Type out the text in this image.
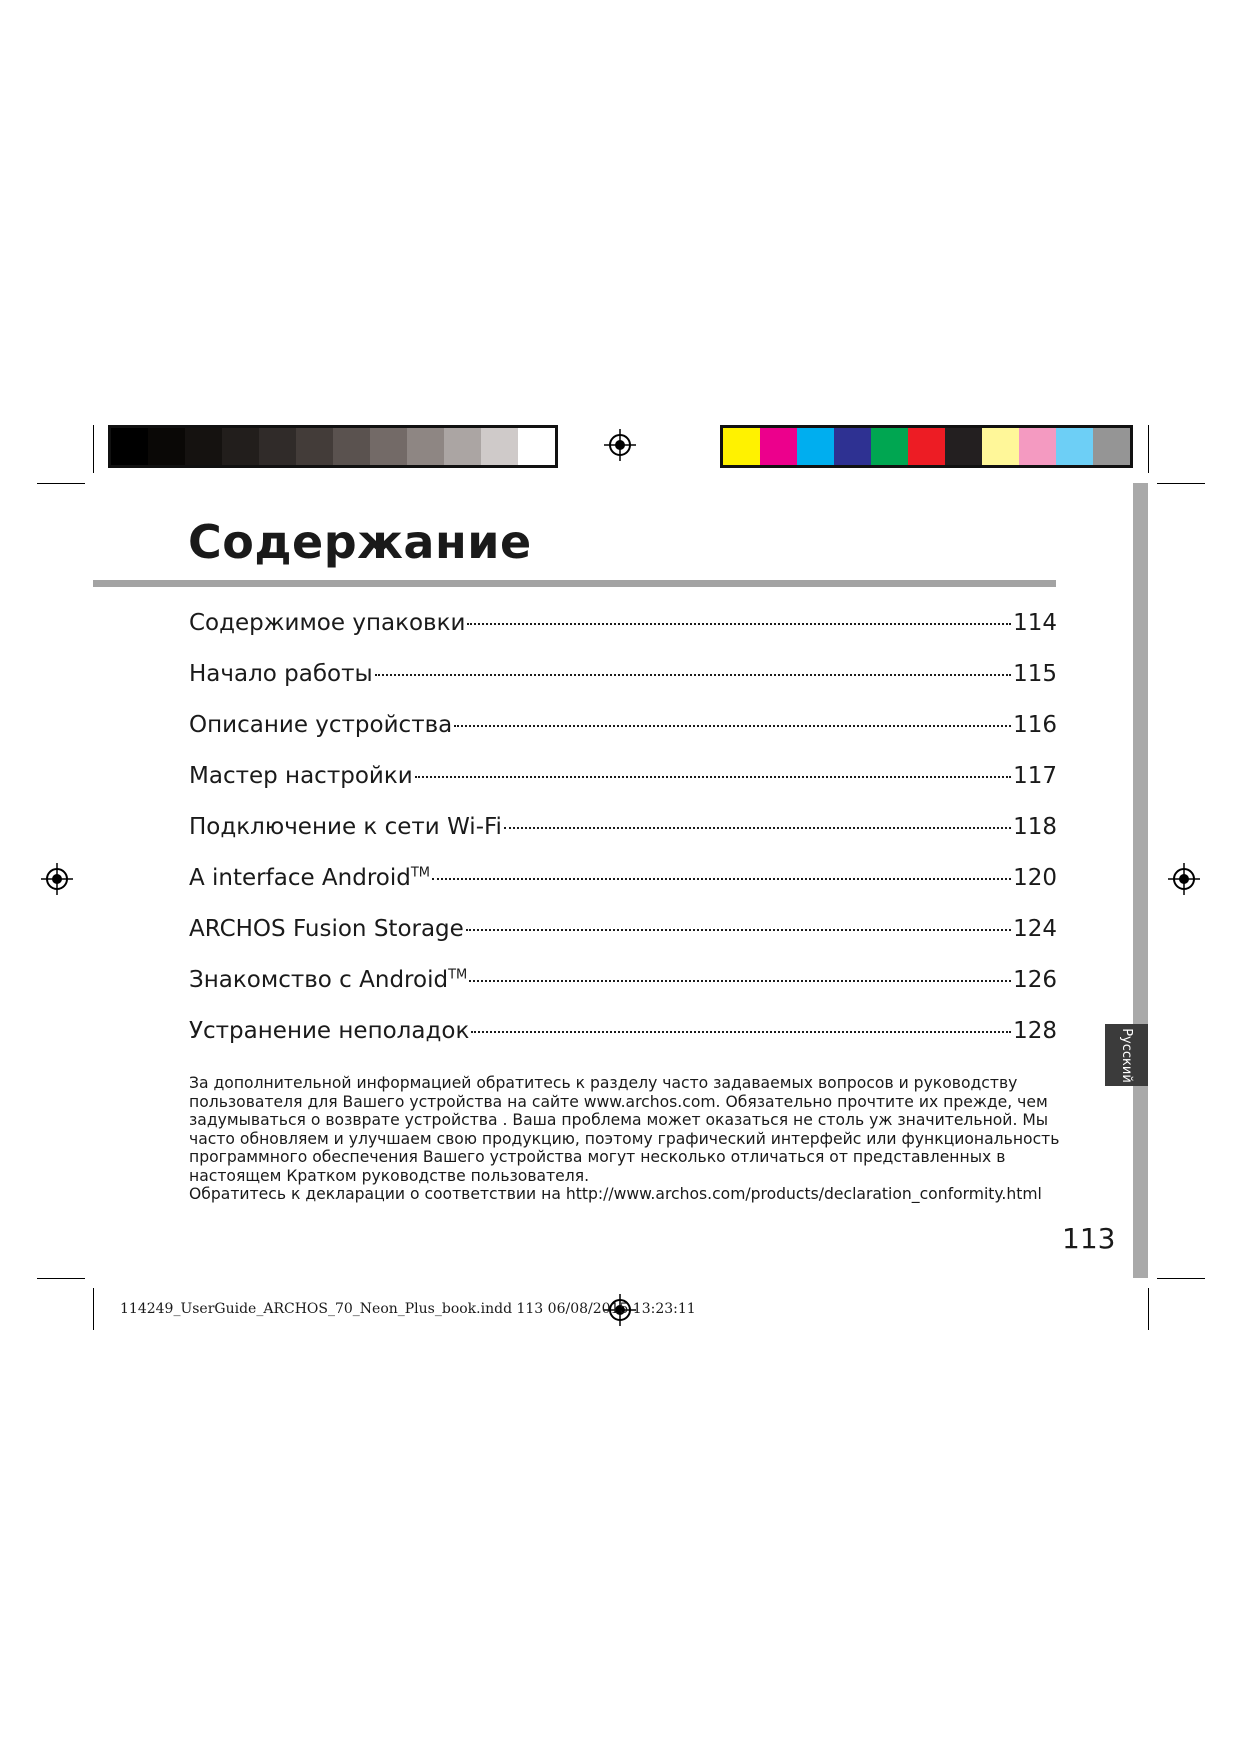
Содержание
Содержимое упаковки	114
Начало работы	115
Описание устройства	116
Мастер настройки	117
Подключение к сети Wi-Fi	118
A interface Android™	120
ARCHOS Fusion Storage	124
Знакомство с Android™	126
Устранение неполадок	128

За дополнительной информацией обратитесь к разделу часто задаваемых вопросов и руководству

пользователя для Вашего устройства на сайте www.archos.com. Обязательно прочтите их прежде, чем

задумываться о возврате устройства . Ваша проблема может оказаться не столь уж значительной. Мы

часто обновляем и улучшаем свою продукцию, поэтому графический интерфейс или функциональность

программного обеспечения Вашего устройства могут несколько отличаться от представленных в

настоящем Кратком руководстве пользователя.

Обратитесь к декларации о соответствии на http://www.archos.com/products/declaration_conformity.html

Русский
113
114249_UserGuide_ARCHOS_70_Neon_Plus_book.indd 113 06/08/2015 13:23:11
